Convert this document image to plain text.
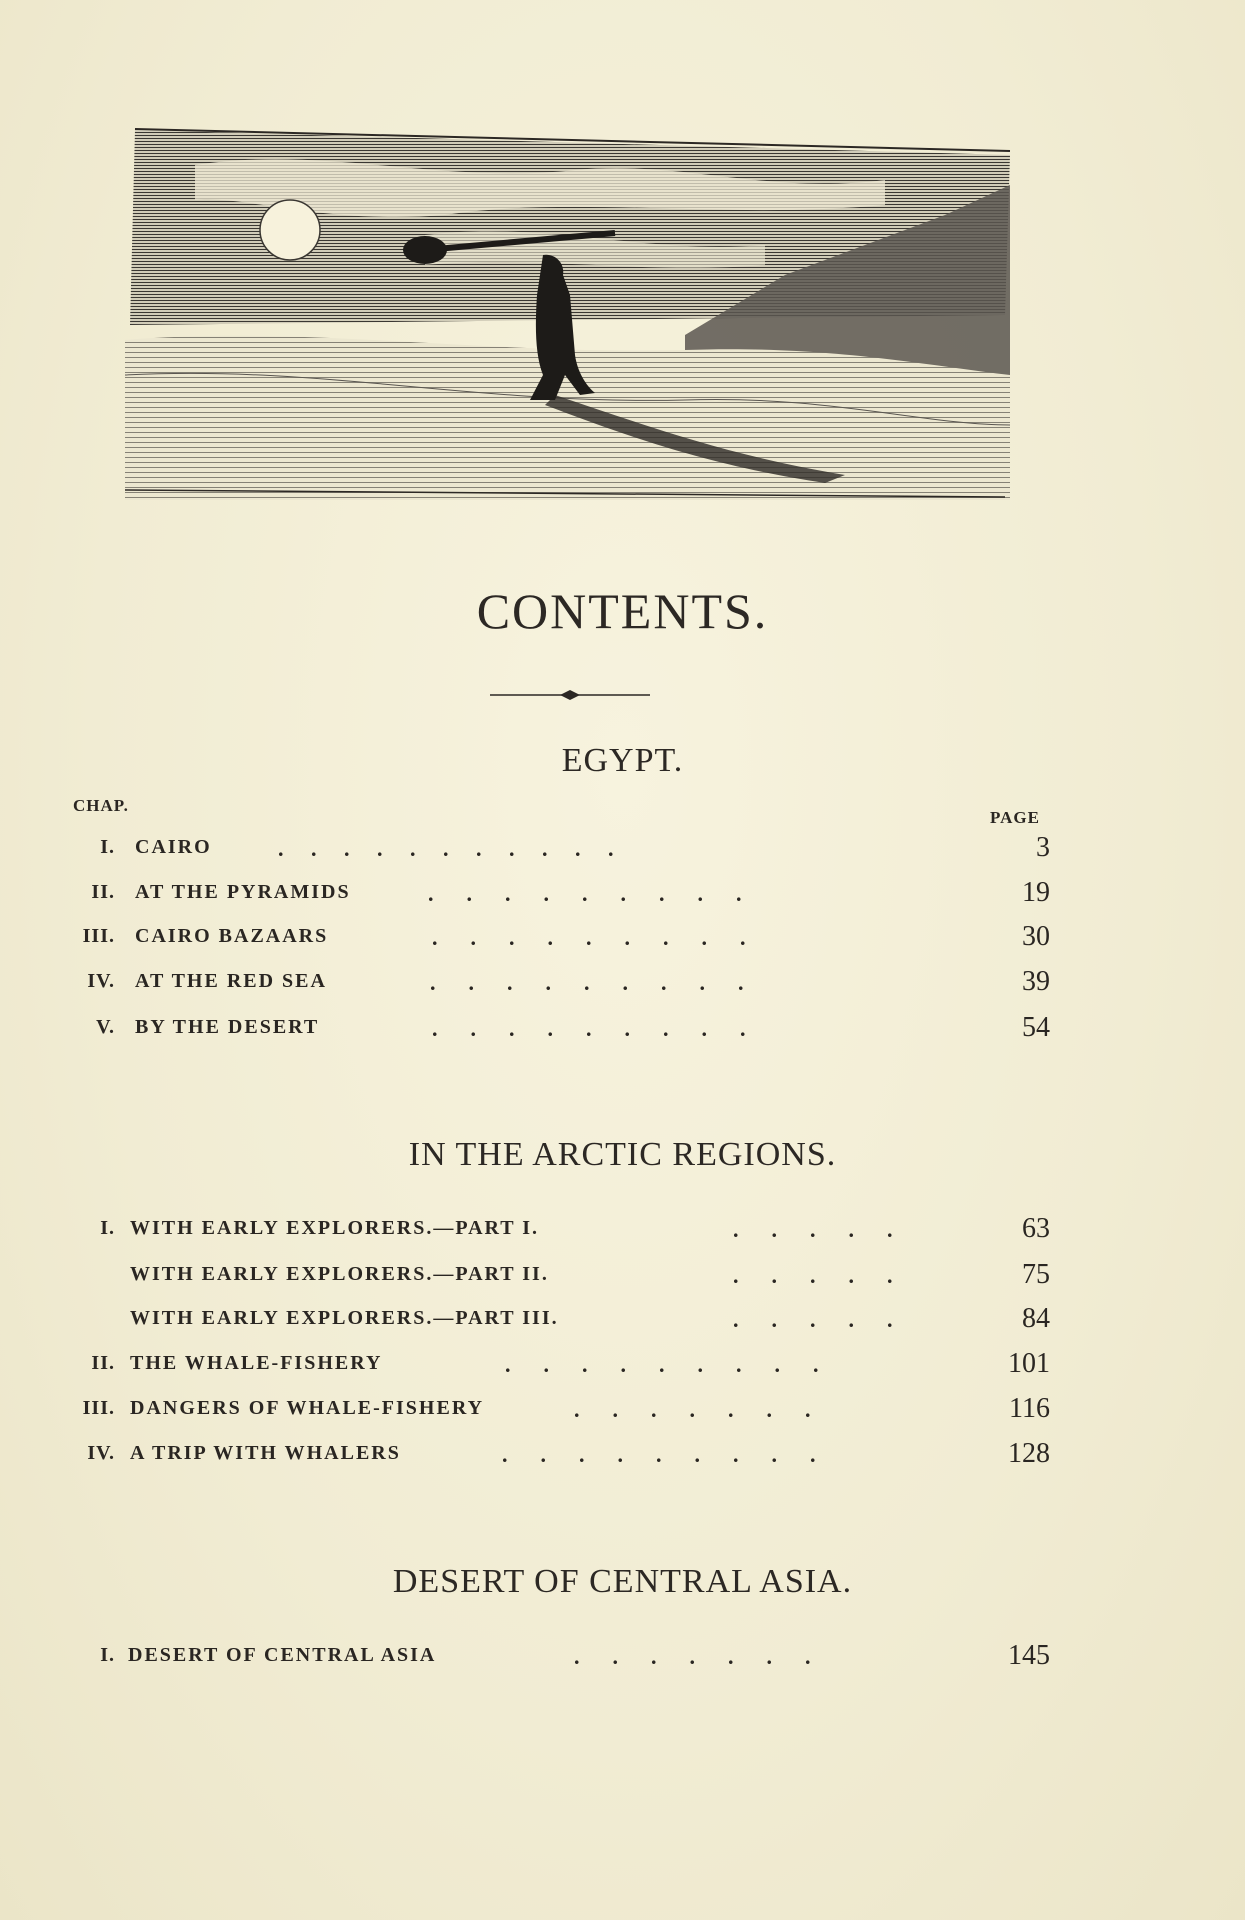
CONTENTS.
EGYPT.
CHAP.
PAGE
I. CAIRO	.     .     .     .     .     .     .     .     .     .     .	3
II. AT THE PYRAMIDS	.      .      .      .      .      .      .      .      .	19
III. CAIRO BAZAARS	.      .      .      .      .      .      .      .      .	30
IV. AT THE RED SEA	.      .      .      .      .      .      .      .      .	39
V. BY THE DESERT	.      .      .      .      .      .      .      .      .	54
IN THE ARCTIC REGIONS.
I. WITH EARLY EXPLORERS.—PART I.	.      .      .      .      .	63
WITH EARLY EXPLORERS.—PART II.	.      .      .      .      .	75
WITH EARLY EXPLORERS.—PART III.	.      .      .      .      .	84
II. THE WHALE-FISHERY	.      .      .      .      .      .      .      .      .	101
III. DANGERS OF WHALE-FISHERY	.      .      .      .      .      .      .	116
IV. A TRIP WITH WHALERS	.      .      .      .      .      .      .      .      .	128
DESERT OF CENTRAL ASIA.
I. DESERT OF CENTRAL ASIA	.      .      .      .      .      .      .	145
